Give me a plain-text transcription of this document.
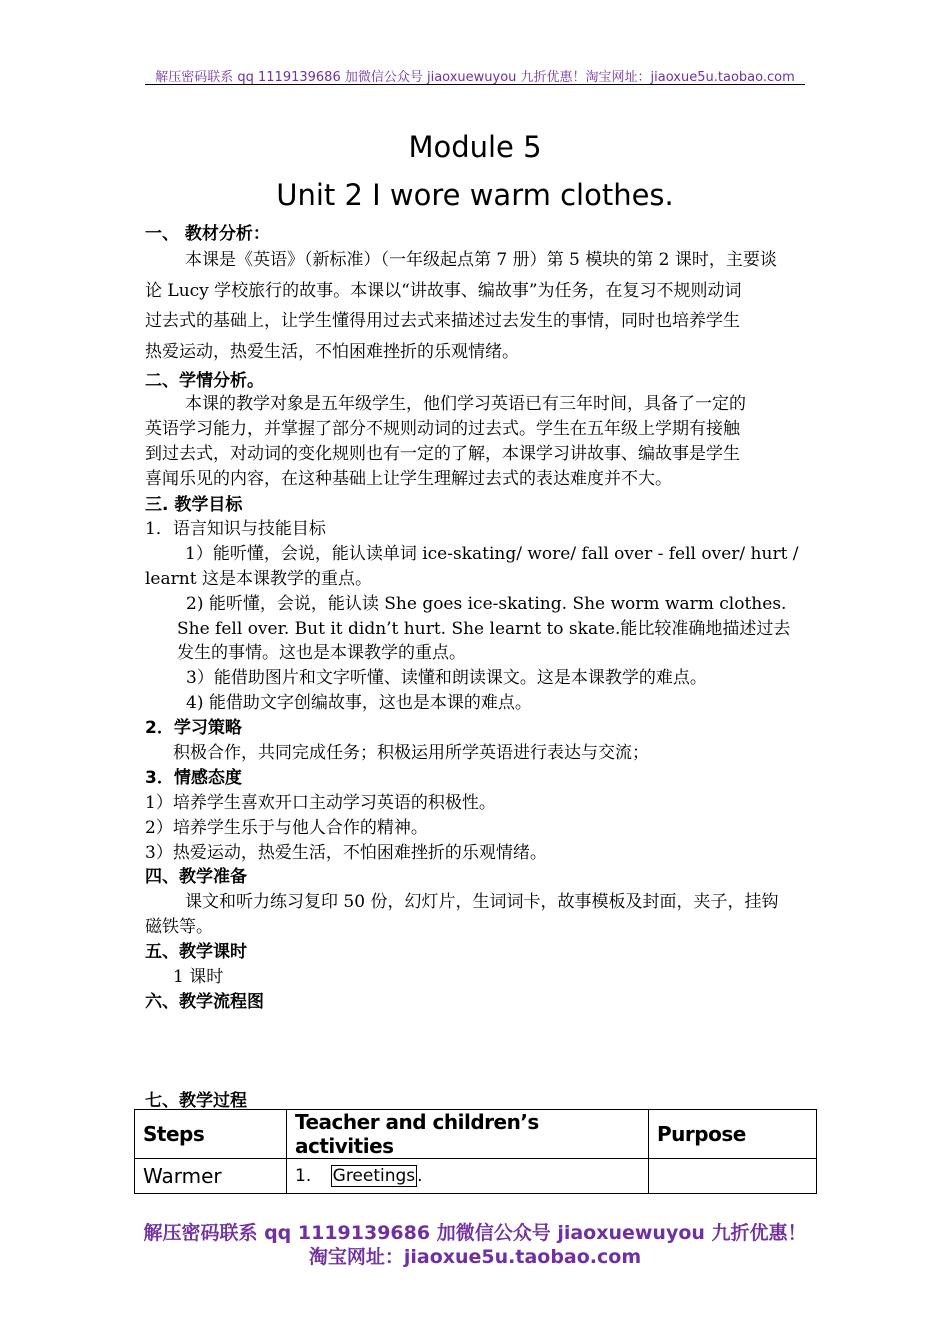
解压密码联系 qq 1119139686 加微信公众号 jiaoxuewuyou 九折优惠！淘宝网址：jiaoxue5u.taobao.com
Module 5
Unit 2 I wore warm clothes.
一、 教材分析：
本课是《英语》（新标准）（一年级起点第 7 册）第 5 模块的第 2 课时，主要谈
论 Lucy 学校旅行的故事。本课以“讲故事、编故事”为任务，在复习不规则动词
过去式的基础上，让学生懂得用过去式来描述过去发生的事情，同时也培养学生
热爱运动，热爱生活，不怕困难挫折的乐观情绪。
二、学情分析。
本课的教学对象是五年级学生，他们学习英语已有三年时间，具备了一定的
英语学习能力，并掌握了部分不规则动词的过去式。学生在五年级上学期有接触
到过去式，对动词的变化规则也有一定的了解，本课学习讲故事、编故事是学生
喜闻乐见的内容，在这种基础上让学生理解过去式的表达难度并不大。
三. 教学目标
1．语言知识与技能目标
1）能听懂，会说，能认读单词 ice-skating/ wore/ fall over - fell over/ hurt /
learnt 这是本课教学的重点。
2) 能听懂，会说，能认读 She goes ice-skating. She worm warm clothes.
She fell over. But it didn’t hurt. She learnt to skate.能比较准确地描述过去
发生的事情。这也是本课教学的重点。
3）能借助图片和文字听懂、读懂和朗读课文。这是本课教学的难点。
4) 能借助文字创编故事，这也是本课的难点。
2．学习策略
积极合作，共同完成任务；积极运用所学英语进行表达与交流；
3．情感态度
1）培养学生喜欢开口主动学习英语的积极性。
2）培养学生乐于与他人合作的精神。
3）热爱运动，热爱生活，不怕困难挫折的乐观情绪。
四、教学准备
课文和听力练习复印 50 份，幻灯片，生词词卡，故事模板及封面，夹子，挂钩
磁铁等。
五、教学课时
1 课时
六、教学流程图
七、教学过程
Steps	Teacher and children’s activities	Purpose
Warmer	1. Greetings .	
解压密码联系 qq 1119139686 加微信公众号 jiaoxuewuyou 九折优惠！
淘宝网址：jiaoxue5u.taobao.com
